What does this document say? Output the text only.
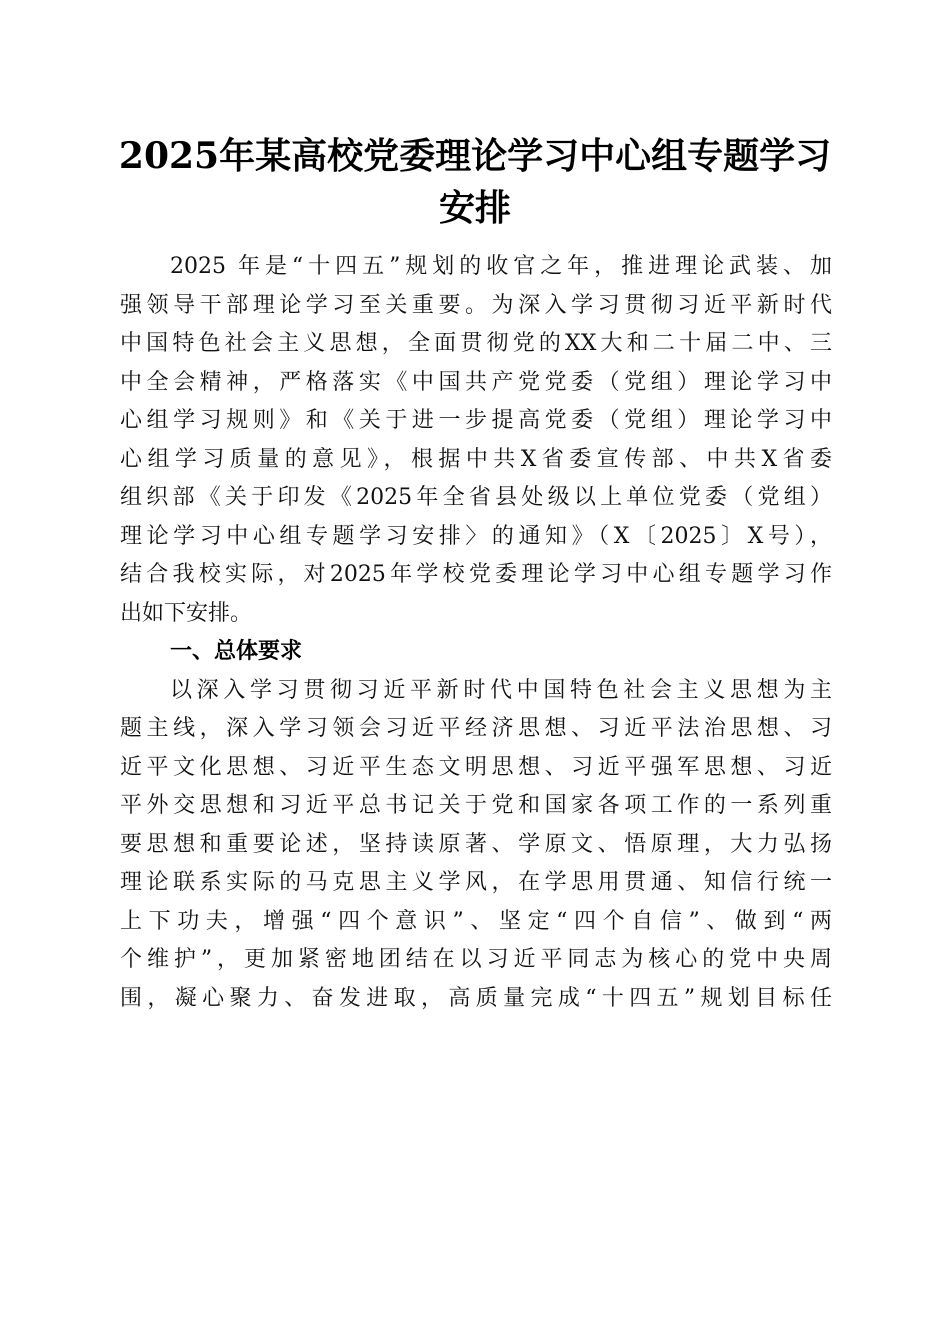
2025年某高校党委理论学习中心组专题学习
安排
2025 年是“十四五”规划的收官之年，推进理论武装、加
强领导干部理论学习至关重要。为深入学习贯彻习近平新时代
中国特色社会主义思想，全面贯彻党的XX大和二十届二中、三
中全会精神，严格落实《中国共产党党委（党组）理论学习中
心组学习规则》和《关于进一步提高党委（党组）理论学习中
心组学习质量的意见》，根据中共X省委宣传部、中共X省委
组织部《关于印发《2025年全省县处级以上单位党委（党组）
理论学习中心组专题学习安排〉的通知》（X〔2025〕X号），
结合我校实际，对2025年学校党委理论学习中心组专题学习作
出如下安排。
一、总体要求
以深入学习贯彻习近平新时代中国特色社会主义思想为主
题主线，深入学习领会习近平经济思想、习近平法治思想、习
近平文化思想、习近平生态文明思想、习近平强军思想、习近
平外交思想和习近平总书记关于党和国家各项工作的一系列重
要思想和重要论述，坚持读原著、学原文、悟原理，大力弘扬
理论联系实际的马克思主义学风，在学思用贯通、知信行统一
上下功夫，增强“四个意识”、坚定“四个自信”、做到“两
个维护”，更加紧密地团结在以习近平同志为核心的党中央周
围，凝心聚力、奋发进取，高质量完成“十四五”规划目标任
